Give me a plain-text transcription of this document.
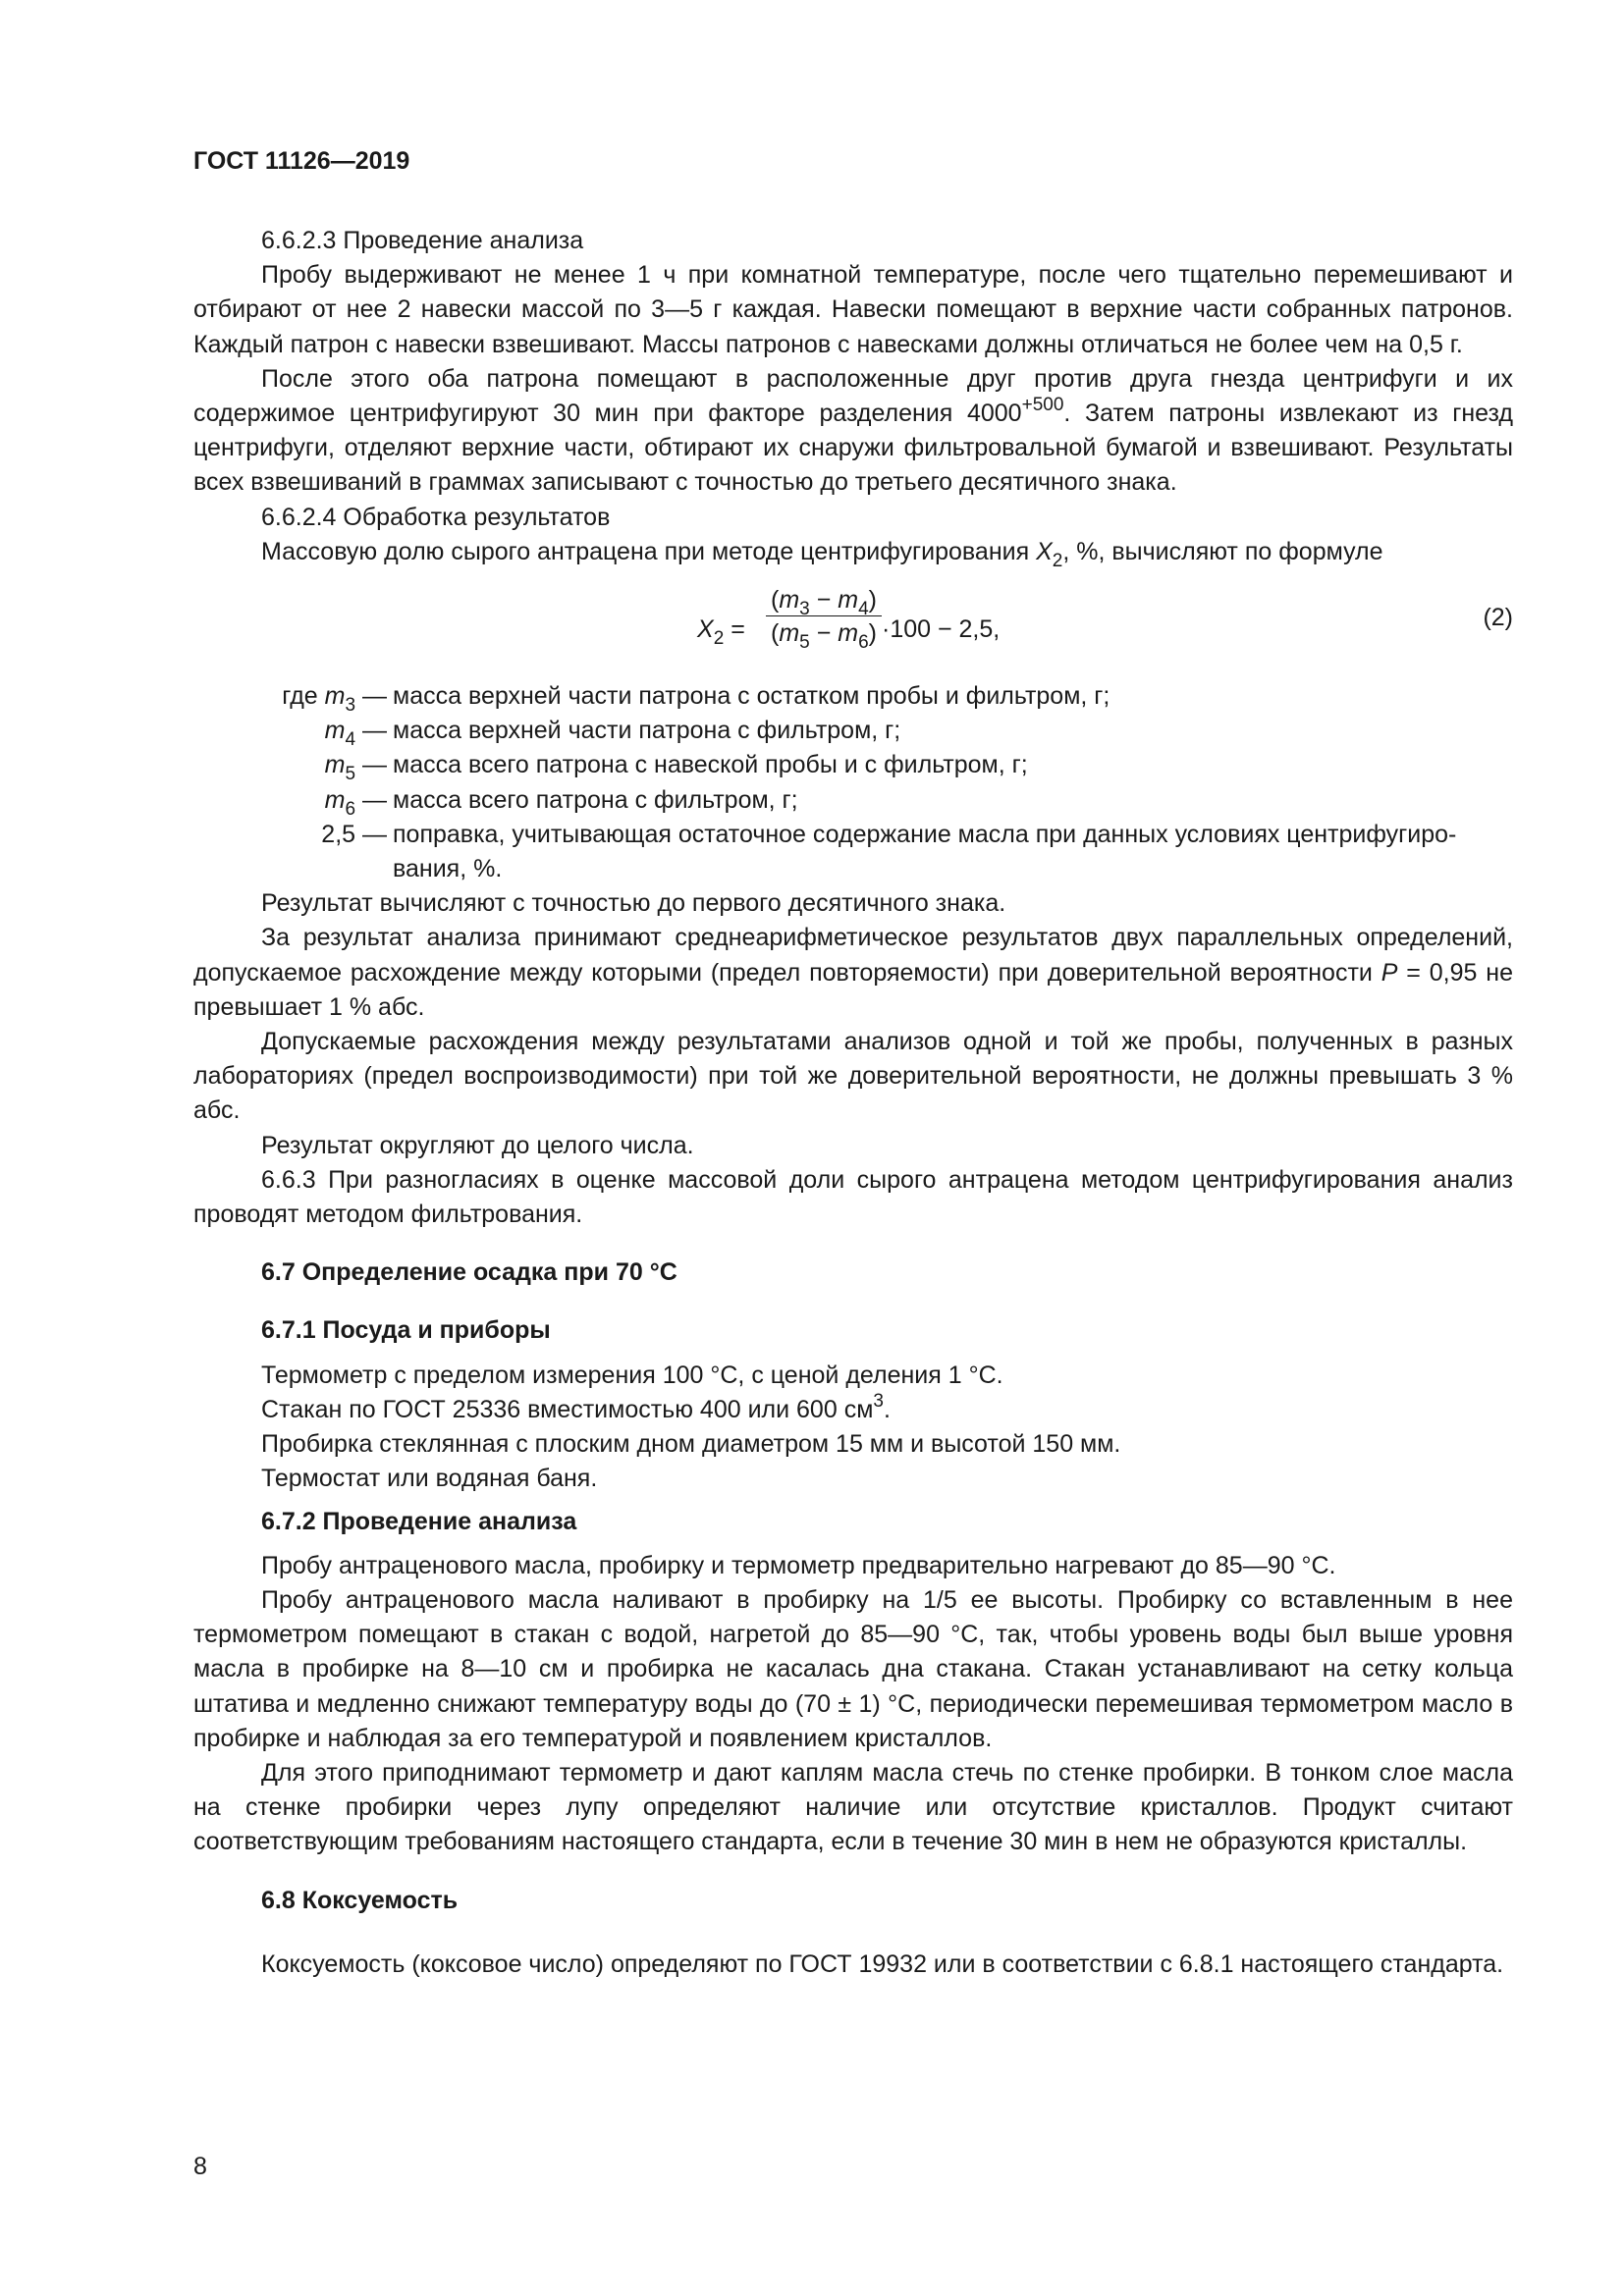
ГОСТ 11126—2019

6.6.2.3 Проведение анализа

Пробу выдерживают не менее 1 ч при комнатной температуре, после чего тщательно перемешивают и отбирают от нее 2 навески массой по 3—5 г каждая. Навески помещают в верхние части собранных патронов. Каждый патрон с навески взвешивают. Массы патронов с навесками должны отличаться не более чем на 0,5 г.

После этого оба патрона помещают в расположенные друг против друга гнезда центрифуги и их содержимое центрифугируют 30 мин при факторе разделения $4000^{+500}$. Затем патроны извлекают из гнезд центрифуги, отделяют верхние части, обтирают их снаружи фильтровальной бумагой и взвешивают. Результаты всех взвешиваний в граммах записывают с точностью до третьего десятичного знака.

6.6.2.4 Обработка результатов

Массовую долю сырого антрацена при методе центрифугирования $X_2$, %, вычисляют по формуле

$X_2 = \frac{(m_3 - m_4)}{(m_5 - m_6)} \cdot 100 - 2,5$,	(2)
где $m_3$ — масса верхней части патрона с остатком пробы и фильтром, г;
$m_4$ — масса верхней части патрона с фильтром, г;
$m_5$ — масса всего патрона с навеской пробы и с фильтром, г;
$m_6$ — масса всего патрона с фильтром, г;
2,5 — поправка, учитывающая остаточное содержание масла при данных условиях центрифугиро-
вания, %.

Результат вычисляют с точностью до первого десятичного знака.

За результат анализа принимают среднеарифметическое результатов двух параллельных определений, допускаемое расхождение между которыми (предел повторяемости) при доверительной вероятности P = 0,95 не превышает 1 % абс.

Допускаемые расхождения между результатами анализов одной и той же пробы, полученных в разных лабораториях (предел воспроизводимости) при той же доверительной вероятности, не должны превышать 3 % абс.

Результат округляют до целого числа.

6.6.3 При разногласиях в оценке массовой доли сырого антрацена методом центрифугирования анализ проводят методом фильтрования.

6.7 Определение осадка при 70 °С
6.7.1 Посуда и приборы

Термометр с пределом измерения 100 °С, с ценой деления 1 °С.

Стакан по ГОСТ 25336 вместимостью 400 или 600 $см^3$.

Пробирка стеклянная с плоским дном диаметром 15 мм и высотой 150 мм.

Термостат или водяная баня.

6.7.2 Проведение анализа

Пробу антраценового масла, пробирку и термометр предварительно нагревают до 85—90 °С.

Пробу антраценового масла наливают в пробирку на 1/5 ее высоты. Пробирку со вставленным в нее термометром помещают в стакан с водой, нагретой до 85—90 °С, так, чтобы уровень воды был выше уровня масла в пробирке на 8—10 см и пробирка не касалась дна стакана. Стакан устанавливают на сетку кольца штатива и медленно снижают температуру воды до (70 ± 1) °С, периодически перемешивая термометром масло в пробирке и наблюдая за его температурой и появлением кристаллов.

Для этого приподнимают термометр и дают каплям масла стечь по стенке пробирки. В тонком слое масла на стенке пробирки через лупу определяют наличие или отсутствие кристаллов. Продукт считают соответствующим требованиям настоящего стандарта, если в течение 30 мин в нем не образуются кристаллы.

6.8 Коксуемость

Коксуемость (коксовое число) определяют по ГОСТ 19932 или в соответствии с 6.8.1 настоящего стандарта.

8
